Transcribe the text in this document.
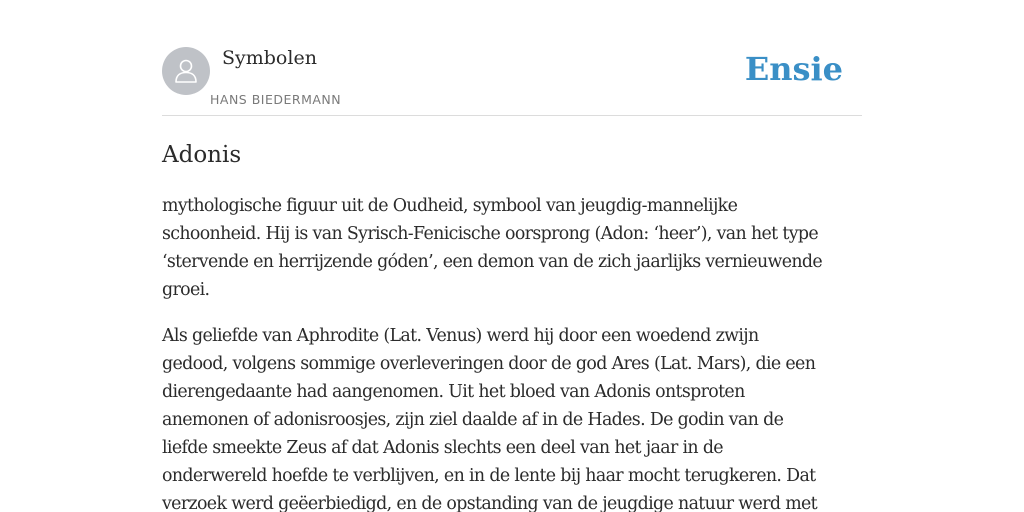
Symbolen
HANS BIEDERMANN
Ensie
Adonis

mythologische figuur uit de Oudheid, symbool van jeugdig-mannelijke
schoonheid. Hij is van Syrisch-Fenicische oorsprong (Adon: ‘heer’), van het type
‘stervende en herrijzende góden’, een demon van de zich jaarlijks vernieuwende
groei.

Als geliefde van Aphrodite (Lat. Venus) werd hij door een woedend zwijn
gedood, volgens sommige overleveringen door de god Ares (Lat. Mars), die een
dierengedaante had aangenomen. Uit het bloed van Adonis ontsproten
anemonen of adonisroosjes, zijn ziel daalde af in de Hades. De godin van de
liefde smeekte Zeus af dat Adonis slechts een deel van het jaar in de
onderwereld hoefde te verblijven, en in de lente bij haar mocht terugkeren. Dat
verzoek werd geëerbiedigd, en de opstanding van de jeugdige natuur werd met
